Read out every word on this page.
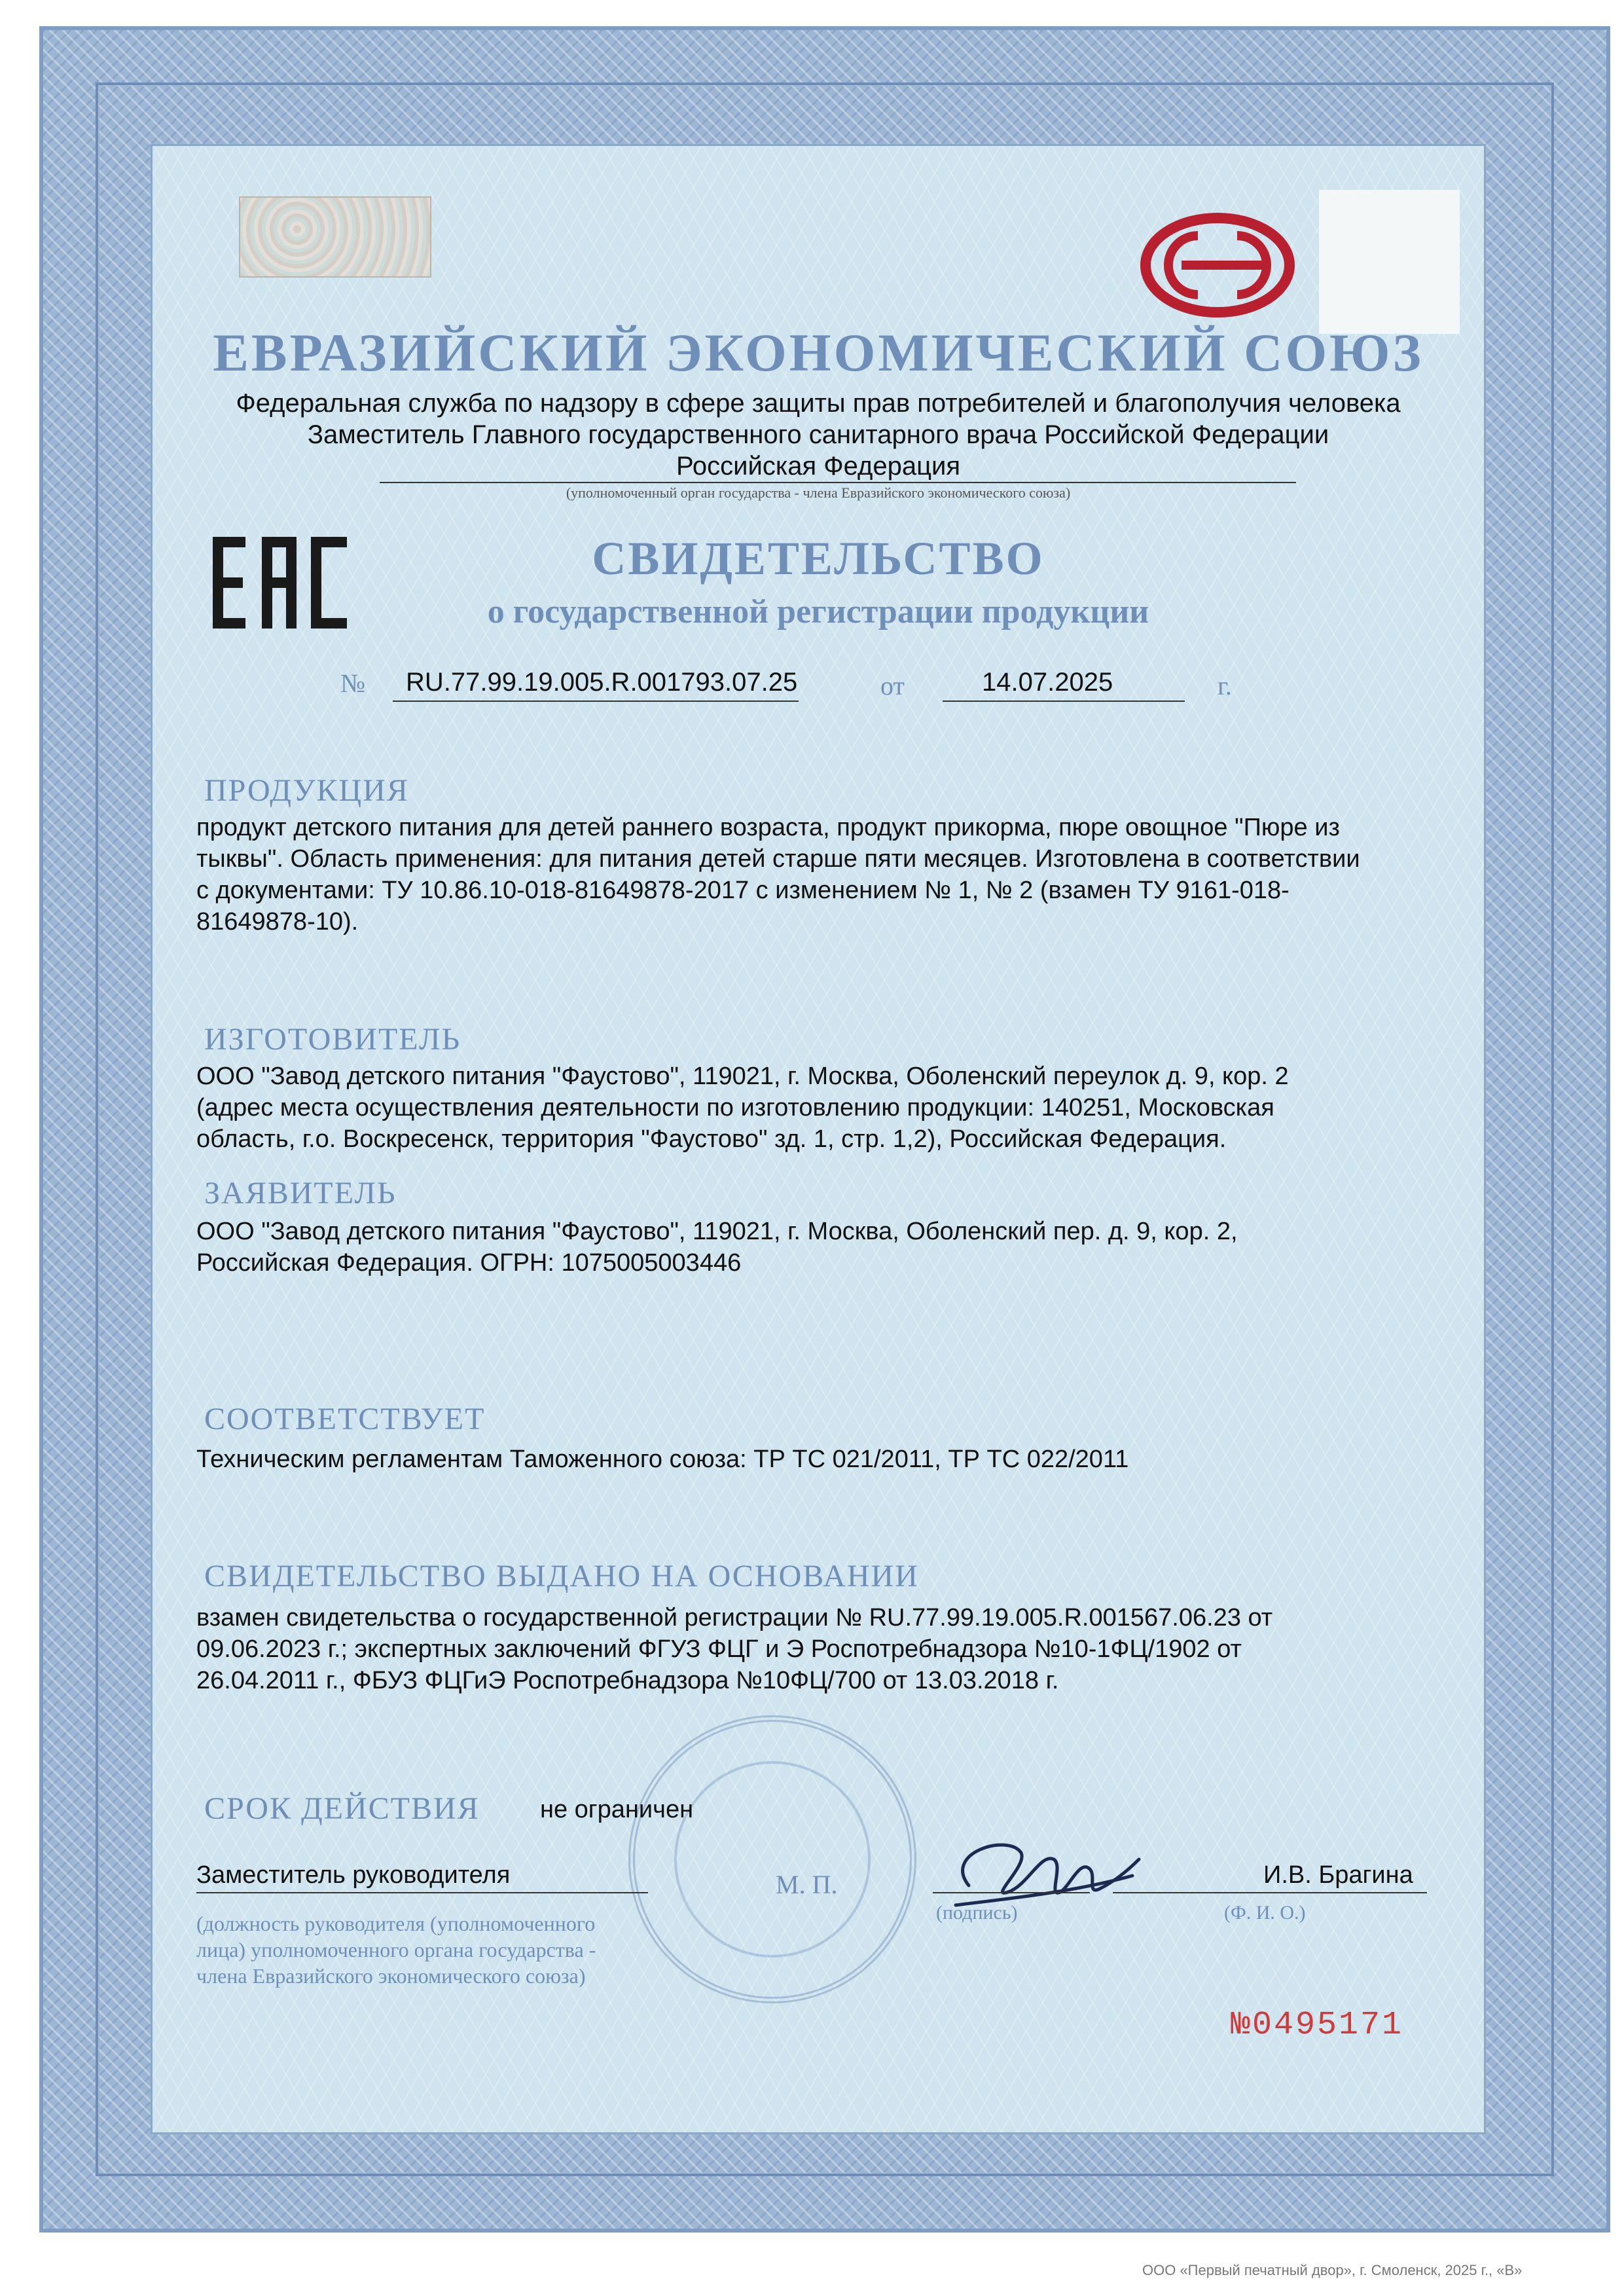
ЕВРАЗИЙСКИЙ ЭКОНОМИЧЕСКИЙ СОЮЗ
Федеральная служба по надзору в сфере защиты прав потребителей и благополучия человека
Заместитель Главного государственного санитарного врача Российской Федерации
Российская Федерация
(уполномоченный орган государства - члена Евразийского экономического союза)
EAC
СВИДЕТЕЛЬСТВО
о государственной регистрации продукции
№ RU.77.99.19.005.R.001793.07.25	от	14.07.2025	г.
ПРОДУКЦИЯ
продукт детского питания для детей раннего возраста, продукт прикорма, пюре овощное "Пюре из
тыквы". Область применения: для питания детей старше пяти месяцев. Изготовлена в соответствии
с документами: ТУ 10.86.10-018-81649878-2017 с изменением № 1, № 2 (взамен ТУ 9161-018-
81649878-10).
ИЗГОТОВИТЕЛЬ
ООО "Завод детского питания "Фаустово", 119021, г. Москва, Оболенский переулок д. 9, кор. 2
(адрес места осуществления деятельности по изготовлению продукции: 140251, Московская
область, г.о. Воскресенск, территория "Фаустово" зд. 1, стр. 1,2), Российская Федерация.
ЗАЯВИТЕЛЬ
ООО "Завод детского питания "Фаустово", 119021, г. Москва, Оболенский пер. д. 9, кор. 2,
Российская Федерация. ОГРН: 1075005003446
СООТВЕТСТВУЕТ
Техническим регламентам Таможенного союза: ТР ТС 021/2011, ТР ТС 022/2011
СВИДЕТЕЛЬСТВО ВЫДАНО НА ОСНОВАНИИ
взамен свидетельства о государственной регистрации № RU.77.99.19.005.R.001567.06.23 от
09.06.2023 г.; экспертных заключений ФГУЗ ФЦГ и Э Роспотребнадзора №10-1ФЦ/1902 от
26.04.2011 г., ФБУЗ ФЦГиЭ Роспотребнадзора №10ФЦ/700 от 13.03.2018 г.
СРОК ДЕЙСТВИЯ не ограничен
Заместитель руководителя	М. П.
(подпись)
И.В. Брагина
(Ф. И. О.)
(должность руководителя (уполномоченного
лица) уполномоченного органа государства -
члена Евразийского экономического союза)
№0495171
ООО «Первый печатный двор», г. Смоленск, 2025 г., «В»
